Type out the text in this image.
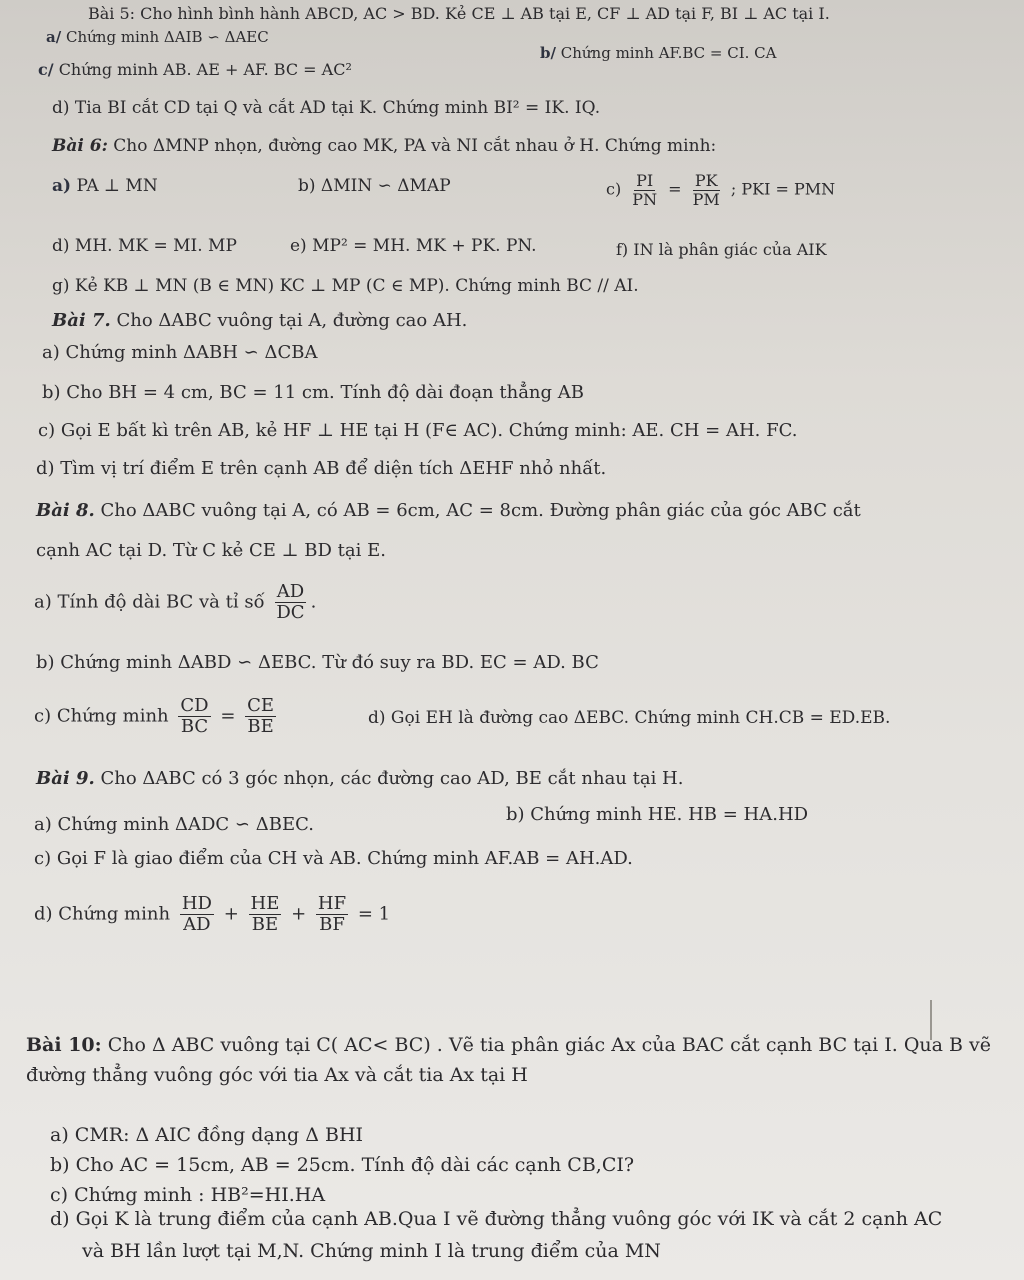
Bài 5: Cho hình bình hành ABCD, AC > BD. Kẻ CE ⊥ AB tại E, CF ⊥ AD tại F, BI ⊥ AC tại I.
a/ Chứng minh ΔAIB ∽ ΔAEC
b/ Chứng minh AF.BC = CI. CA
c/ Chứng minh AB. AE + AF. BC = AC²
d) Tia BI cắt CD tại Q và cắt AD tại K. Chứng minh BI² = IK. IQ.
Bài 6: Cho ΔMNP nhọn, đường cao MK, PA và NI cắt nhau ở H. Chứng minh:
a) PA ⊥ MN	b) ΔMIN ∽ ΔMAP	$c) \frac{PI}{PN} = \frac{PK}{PM}$ ; PKI = PMN
d) MH. MK = MI. MP	e) MP² = MH. MK + PK. PN.	f) IN là phân giác của AIK
g) Kẻ KB ⊥ MN (B ∈ MN) KC ⊥ MP (C ∈ MP). Chứng minh BC // AI.
Bài 7. Cho ΔABC vuông tại A, đường cao AH.
a) Chứng minh ΔABH ∽ ΔCBA
b) Cho BH = 4 cm, BC = 11 cm. Tính độ dài đoạn thẳng AB
c) Gọi E bất kì trên AB, kẻ HF ⊥ HE tại H (F∈ AC). Chứng minh: AE. CH = AH. FC.
d) Tìm vị trí điểm E trên cạnh AB để diện tích ΔEHF nhỏ nhất.
Bài 8. Cho ΔABC vuông tại A, có AB = 6cm, AC = 8cm. Đường phân giác của góc ABC cắt
cạnh AC tại D. Từ C kẻ CE ⊥ BD tại E.
a) Tính độ dài BC và tỉ số $\frac{AD}{DC}$ .
b) Chứng minh ΔABD ∽ ΔEBC. Từ đó suy ra BD. EC = AD. BC
c) Chứng minh $\frac{CD}{BC} = \frac{CE}{BE}$	d) Gọi EH là đường cao ΔEBC. Chứng minh CH.CB = ED.EB.
Bài 9. Cho ΔABC có 3 góc nhọn, các đường cao AD, BE cắt nhau tại H.
a) Chứng minh ΔADC ∽ ΔBEC.	b) Chứng minh HE. HB = HA.HD
c) Gọi F là giao điểm của CH và AB. Chứng minh AF.AB = AH.AD.
d) Chứng minh $\frac{HD}{AD} + \frac{HE}{BE} + \frac{HF}{BF} = 1$
Bài 10: Cho Δ ABC vuông tại C( AC< BC) . Vẽ tia phân giác Ax của BAC cắt cạnh BC tại I. Qua B vẽ
đường thẳng vuông góc với tia Ax và cắt tia Ax tại H
a) CMR: Δ AIC đồng dạng Δ BHI
b) Cho AC = 15cm, AB = 25cm. Tính độ dài các cạnh CB,CI?
c) Chứng minh : HB²=HI.HA
d) Gọi K là trung điểm của cạnh AB.Qua I vẽ đường thẳng vuông góc với IK và cắt 2 cạnh AC
và BH lần lượt tại M,N. Chứng minh I là trung điểm của MN
